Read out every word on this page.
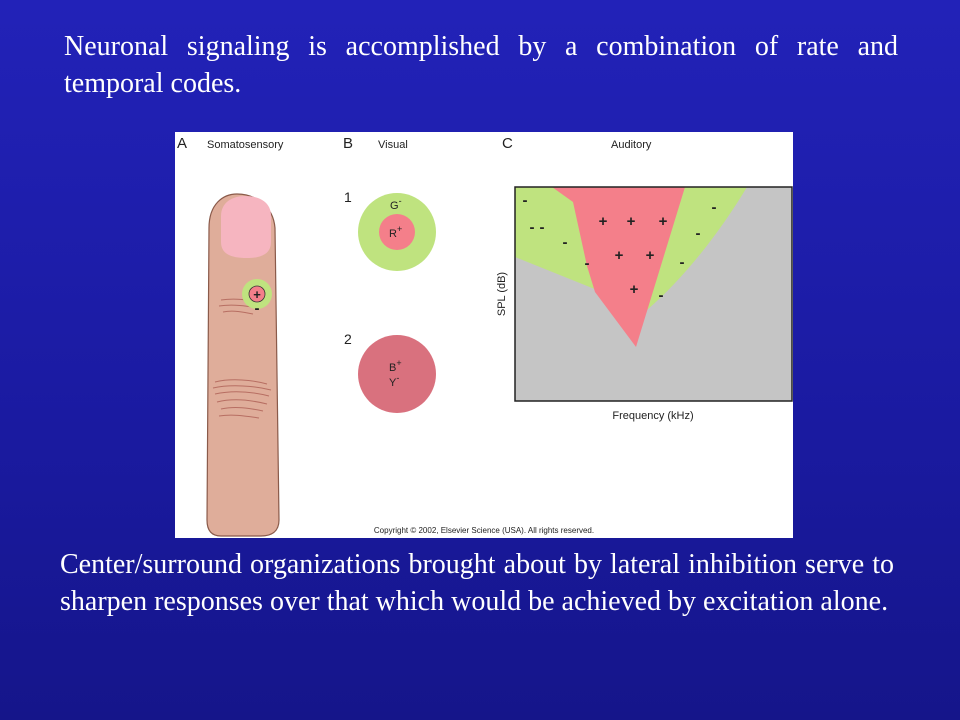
Neuronal signaling is accomplished by a combination of rate and temporal codes.

A Somatosensory
+
-
B Visual
1
G-
R+
2
B+
Y-
C	Auditory
+ + +
+ +
+
-
- -
-
-
-
-
-
-
SPL (dB)
Frequency (kHz)
Copyright © 2002, Elsevier Science (USA). All rights reserved.

Center/surround organizations brought about by lateral inhibition serve to sharpen responses over that which would be achieved by excitation alone.
